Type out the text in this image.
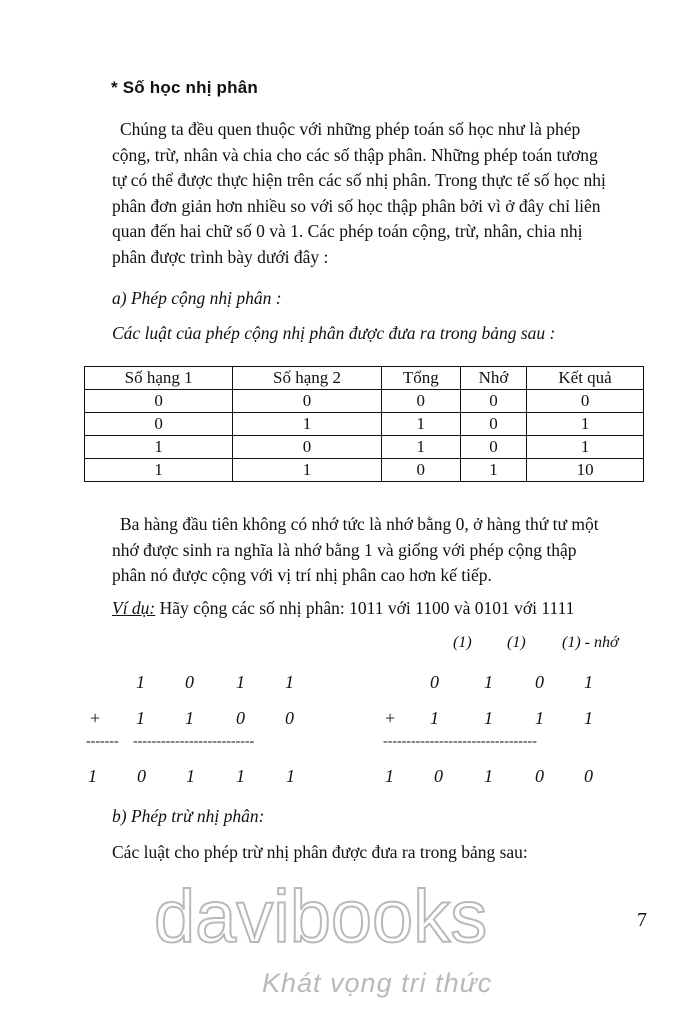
* Số học nhị phân
Chúng ta đều quen thuộc với những phép toán số học như là phép
cộng, trừ, nhân và chia cho các số thập phân. Những phép toán tương
tự có thể được thực hiện trên các số nhị phân. Trong thực tế số học nhị
phân đơn giản hơn nhiều so với số học thập phân bởi vì ở đây chỉ liên
quan đến hai chữ số 0 và 1. Các phép toán cộng, trừ, nhân, chia nhị
phân được trình bày dưới đây :
a) Phép cộng nhị phân :
Các luật của phép cộng nhị phân được đưa ra trong bảng sau :
Số hạng 1	Số hạng 2	Tổng	Nhớ	Kết quả
0	0	0	0	0
0	1	1	0	1
1	0	1	0	1
1	1	0	1	10
Ba hàng đầu tiên không có nhớ tức là nhớ bằng 0, ở hàng thứ tư một
nhớ được sinh ra nghĩa là nhớ bằng 1 và giống với phép cộng thập
phân nó được cộng với vị trí nhị phân cao hơn kế tiếp.
Ví dụ: Hãy cộng các số nhị phân: 1011 với 1100 và 0101 với 1111
1 0 1 1
+ 1 1 0 0
------- --------------------------
1 0 1 1 1
(1) (1) (1) - nhớ
0	1 0 1
+ 1	1 1 1
---------------------------------
1 0 1 0 0
b) Phép trừ nhị phân:
Các luật cho phép trừ nhị phân được đưa ra trong bảng sau:
7
davibooks
Khát vọng tri thức
